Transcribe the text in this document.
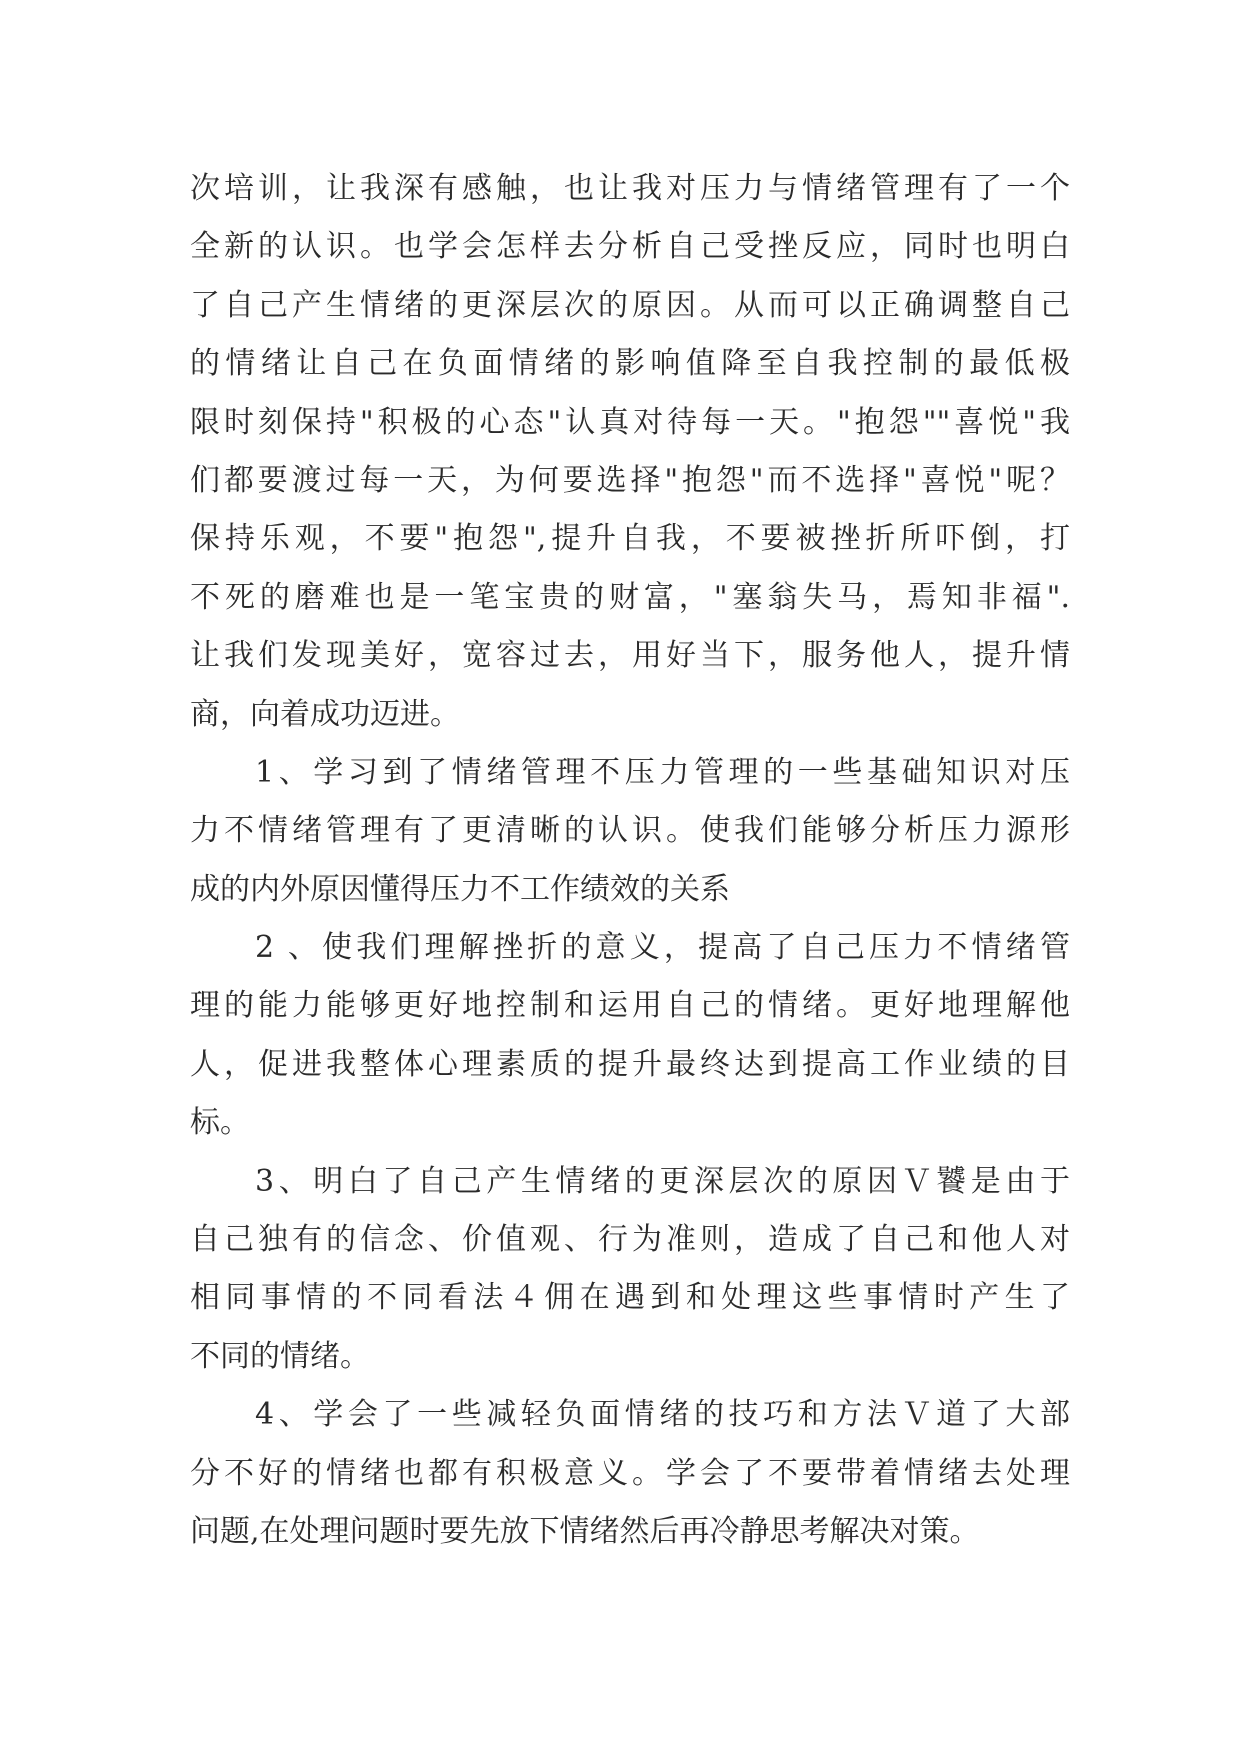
次培训，让我深有感触，也让我对压力与情绪管理有了一个
全新的认识。也学会怎样去分析自己受挫反应，同时也明白
了自己产生情绪的更深层次的原因。从而可以正确调整自己
的情绪让自己在负面情绪的影响值降至自我控制的最低极
限时刻保持"积极的心态"认真对待每一天。"抱怨""喜悦"我
们都要渡过每一天，为何要选择"抱怨"而不选择"喜悦"呢？
保持乐观，不要"抱怨",提升自我，不要被挫折所吓倒，打
不死的磨难也是一笔宝贵的财富，"塞翁失马，焉知非福".
让我们发现美好，宽容过去，用好当下，服务他人，提升情
商，向着成功迈进。
1、学习到了情绪管理不压力管理的一些基础知识对压
力不情绪管理有了更清晰的认识。使我们能够分析压力源形
成的内外原因懂得压力不工作绩效的关系
2 、使我们理解挫折的意义，提高了自己压力不情绪管
理的能力能够更好地控制和运用自己的情绪。更好地理解他
人，促进我整体心理素质的提升最终达到提高工作业绩的目
标。
3、明白了自己产生情绪的更深层次的原因Ｖ饕是由于
自己独有的信念、价值观、行为准则，造成了自己和他人对
相同事情的不同看法４佣在遇到和处理这些事情时产生了
不同的情绪。
4、学会了一些减轻负面情绪的技巧和方法Ｖ道了大部
分不好的情绪也都有积极意义。学会了不要带着情绪去处理
问题,在处理问题时要先放下情绪然后再冷静思考解决对策。
